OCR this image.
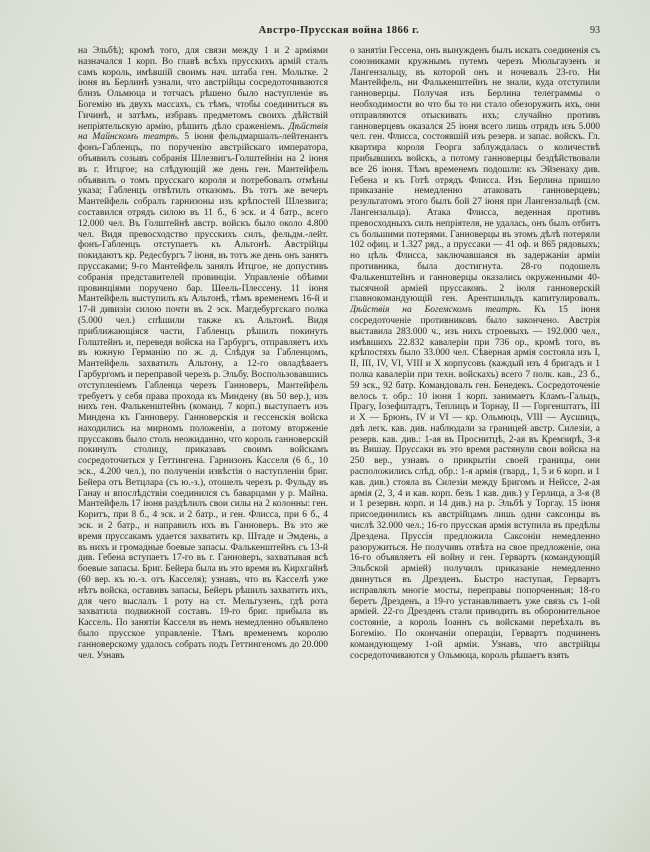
Австро-Прусская война 1866 г.	93
на Эльбѣ); кромѣ того, для связи между 1 и 2 арміями назначался 1 корп. Во главѣ всѣхъ прусскихъ армій сталъ самъ король, имѣвшій своимъ нач. штаба ген. Мольтке. 2 іюня въ Берлинѣ узнали, что австрійцы сосредоточиваются близъ Ольмюца и тотчасъ рѣшено было наступленіе въ Богемію въ двухъ массахъ, съ тѣмъ, чтобы соединиться въ Гичинѣ, и затѣмъ, избравъ предметомъ своихъ дѣйствій непріятельскую армію, рѣшить дѣло сраженіемъ. Дѣйствія на Майнскомъ театрѣ. 5 іюня фельдмаршалъ-лейтенантъ фонъ-Габленцъ, по порученію австрійскаго императора, объявилъ созывъ собранія Шлезвигъ-Голштейніи на 2 іюня въ г. Итцгое; на слѣдующій же день ген. Мантейфель объявилъ о томъ прусскаго короля и потребовалъ отмѣны указа; Габленцъ отвѣтилъ отказомъ. Въ тотъ же вечеръ Мантейфель собралъ гарнизоны изъ крѣпостей Шлезвига; составился отрядъ силою въ 11 б., 6 эск. и 4 батр., всего 12.000 чел. Въ Голштейнѣ австр. войскъ было около 4.800 чел. Видя превосходство прусскихъ силъ, фельдм.-лейт. фонъ-Габленцъ отступаетъ къ Альтонѣ. Австрійцы покидаютъ кр. Редесбургъ 7 іюня, въ тотъ же день онъ занятъ пруссаками; 9-го Мантейфель занялъ Итцгое, не допустивъ собранія представителей провинціи. Управленіе обѣими провинціями поручено бар. Шеель-Плессену. 11 іюня Мантейфель выступилъ къ Альтонѣ, тѣмъ временемъ 16-й и 17-й дивизіи силою почти въ 2 эск. Магдебургскаго полка (5.000 чел.) спѣшили также къ Альтонѣ. Видя приближающіяся части, Габленцъ рѣшилъ покинуть Голштейнъ и, переведя войска на Гарбургъ, отправляетъ ихъ въ южную Германію по ж. д. Слѣдуя за Габленцомъ, Мантейфель захватилъ Альтону, а 12-го овладѣваетъ Гарбургомъ и переправой черезъ р. Эльбу. Воспользовавшись отступленіемъ Габленца черезъ Ганноверъ, Мантейфель требуетъ у себя права прохода къ Миндену (въ 50 вер.), изъ нихъ ген. Фалькенштейнъ (команд. 7 корп.) выступаетъ изъ Миндена къ Ганноверу. Ганноверскія и гессенскія войска находились на мирномъ положеніи, а потому вторженіе пруссаковъ было столь неожиданно, что король ганноверскій покинулъ столицу, приказавъ своимъ войскамъ сосредоточиться у Геттингена. Гарнизонъ Касселя (6 б., 10 эск., 4.200 чел.), по полученіи извѣстія о наступленіи бриг. Бейера отъ Ветцлара (съ ю.-з.), отошелъ черезъ р. Фульду въ Ганау и впослѣдствіи соединился съ баварцами у р. Майна. Мантейфель 17 іюня раздѣлилъ свои силы на 2 колонны: ген. Коритъ, при 8 б., 4 эск. и 2 батр., и ген. Флисса, при 6 б., 4 эск. и 2 батр., и направилъ ихъ въ Ганноверъ. Въ это же время пруссакамъ удается захватить кр. Штаде и Эмдень, а въ нихъ и громадные боевые запасы. Фалькенштейнъ съ 13-й див. Гебена вступаетъ 17-го въ г. Ганноверъ, захватывая всѣ боевые запасы. Бриг. Бейера была въ это время въ Кирхгайнѣ (60 вер. къ ю.-з. отъ Касселя); узнавъ, что въ Касселѣ уже нѣтъ войска, оставивъ запасы, Бейеръ рѣшилъ захватить ихъ, для чего выслалъ 1 роту на ст. Мельгузенъ, гдѣ рота захватила подвижной составъ. 19-го бриг. прибыла въ Кассель. По занятіи Касселя въ немъ немедленно объявлено было прусское управленіе. Тѣмъ временемъ королю ганноверскому удалось собрать подъ Геттингеномъ до 20.000 чел. Узнавъ
о занятіи Гессена, онъ вынужденъ былъ искать соединенія съ союзниками кружнымъ путемъ черезъ Мюльгаузенъ и Лангензальцу, въ которой онъ и ночевалъ 23-го. Ни Мантейфель, ни Фалькенштейнъ не знали, куда отступили ганноверцы. Получая изъ Берлина телеграммы о необходимости во что бы то ни стало обезоружить ихъ, они отправляются отыскивать ихъ; случайно противъ ганноверцевъ оказался 25 іюня всего лишь отрядъ изъ 5.000 чел. ген. Флисса, состоявшій изъ резерв. и запас. войскъ. Гл. квартира короля Георга заблуждалась о количествѣ прибывшихъ войскъ, а потому ганноверцы бездѣйствовали все 26 іюня. Тѣмъ временемъ подошли: къ Эйзенаху див. Гебена и къ Готѣ отрядъ Флисса. Изъ Берлина пришло приказаніе немедленно атаковать ганноверцевъ; результатомъ этого былъ бой 27 іюня при Лангензальцѣ (см. Лангензальца). Атака Флисса, веденная противъ превосходныхъ силъ непріятеля, не удалась, онъ былъ отбитъ съ большими потерями. Ганноверцы въ этомъ дѣлѣ потеряли 102 офиц. и 1.327 ряд., а пруссаки — 41 оф. и 865 рядовыхъ; но цѣль Флисса, заключавшаяся въ задержаніи арміи противника, была достигнута. 28-го подошелъ Фалькенштейнъ и ганноверцы оказались окруженными 40-тысячной арміей пруссаковъ. 2 іюля ганноверскій главнокомандующій ген. Арентшильдъ капитулировалъ. Дѣйствія на Богемскомъ театрѣ. Къ 15 іюня сосредоточеніе противниковъ было закончено. Австрія выставила 283.000 ч., изъ нихъ строевыхъ — 192.000 чел., имѣвшихъ 22.832 кавалеріи при 736 ор., кромѣ того, въ крѣпостяхъ было 33.000 чел. Сѣверная армія состояла изъ I, II, III, IV, VI, VIII и X корпусовъ (каждый изъ 4 бригадъ и 1 полка кавалеріи при техн. войскахъ) всего 7 полк. кав., 23 б., 59 эск., 92 батр. Командовалъ ген. Бенедекъ. Сосредоточеніе велось т. обр.: 10 іюня 1 корп. занимаетъ Кламъ-Гальцъ, Прагу, Іозефштадтъ, Теплицъ и Торнау, II — Горгенштатъ, III и X — Брюнъ, IV и VI — кр. Ольмюцъ, VIII — Аусшицъ, двѣ легк. кав. див. наблюдали за границей австр. Силезіи, а резерв. кав. див.: 1-ая въ Проснитцѣ, 2-ая въ Кремзирѣ, 3-я въ Вишау. Пруссаки въ это время растянули свои войска на 250 вер., узнавъ о прикрытіи своей границы, они расположились слѣд. обр.: 1-я армія (гвард., 1, 5 и 6 корп. и 1 кав. див.) стояла въ Силезіи между Бригомъ и Нейссе, 2-ая армія (2, 3, 4 и кав. корп. безъ 1 кав. див.) у Герлица, а 3-я (8 и 1 резервн. корп. и 14 див.) на р. Эльбѣ у Торгау. 15 іюня присоединились къ австрійцамъ лишь одни саксонцы въ числѣ 32.000 чел.; 16-го прусская армія вступила въ предѣлы Дрездена. Пруссія предложила Саксоніи немедленно разоружиться. Не получивъ отвѣта на свое предложеніе, она 16-го объявляетъ ей войну и ген. Гервартъ (командующій Эльбской арміей) получилъ приказаніе немедленно двинуться въ Дрезденъ. Быстро наступая, Гервартъ исправлялъ многіе мосты, переправы попорченныя; 18-го беретъ Дрезденъ, а 19-го устанавливаетъ уже связь съ 1-ой арміей. 22-го Дрезденъ стали приводить въ оборонительное состояніе, а король Іоаннъ съ войсками переѣхалъ въ Богемію. По окончаніи операціи, Гервартъ подчиненъ командующему 1-ой арміи. Узнавъ, что австрійцы сосредоточиваются у Ольмюца, король рѣшаетъ взять
